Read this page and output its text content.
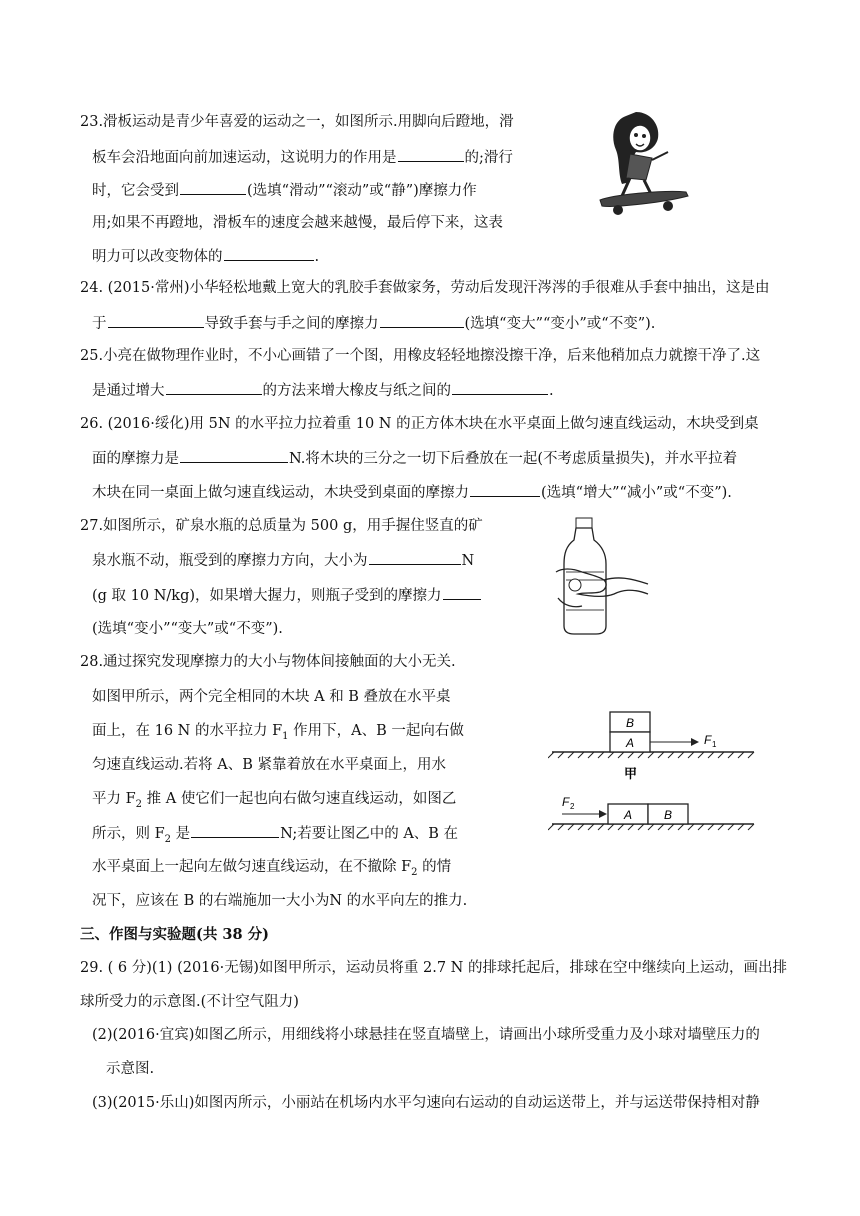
23.滑板运动是青少年喜爱的运动之一，如图所示.用脚向后蹬地，滑
板车会沿地面向前加速运动，这说明力的作用是	的;滑行
时，它会受到	(选填“滑动”“滚动”或“静”)摩擦力作
用;如果不再蹬地，滑板车的速度会越来越慢，最后停下来，这表
明力可以改变物体的	.
24. (2015·常州)小华轻松地戴上宽大的乳胶手套做家务，劳动后发现汗涔涔的手很难从手套中抽出，这是由
于	导致手套与手之间的摩擦力	(选填“变大”“变小”或“不变”).
25.小亮在做物理作业时，不小心画错了一个图，用橡皮轻轻地擦没擦干净，后来他稍加点力就擦干净了.这
是通过增大	的方法来增大橡皮与纸之间的	.
26. (2016·绥化)用 5N 的水平拉力拉着重 10 N 的正方体木块在水平桌面上做匀速直线运动，木块受到桌
面的摩擦力是	N.将木块的三分之一切下后叠放在一起(不考虑质量损失)，并水平拉着
木块在同一桌面上做匀速直线运动，木块受到桌面的摩擦力	(选填“增大”“减小”或“不变”).
27.如图所示，矿泉水瓶的总质量为 500 g，用手握住竖直的矿
泉水瓶不动，瓶受到的摩擦力方向，大小为	N
(g 取 10 N/kg)，如果增大握力，则瓶子受到的摩擦力
(选填“变小”“变大”或“不变”).
28.通过探究发现摩擦力的大小与物体间接触面的大小无关.
如图甲所示，两个完全相同的木块 A 和 B 叠放在水平桌
面上，在 16 N 的水平拉力 $F_1$ 作用下，A、B 一起向右做
匀速直线运动.若将 A、B 紧靠着放在水平桌面上，用水
平力 $F_2$ 推 A 使它们一起也向右做匀速直线运动，如图乙
所示，则 $F_2$ 是	N;若要让图乙中的 A、B 在
水平桌面上一起向左做匀速直线运动，在不撤除 $F_2$ 的情
况下，应该在 B 的右端施加一大小为N 的水平向左的推力.
B
A	F 1
甲
A	B
F 2
三、作图与实验题(共 38 分)
29. ( 6 分)(1) (2016·无锡)如图甲所示，运动员将重 2.7 N 的排球托起后，排球在空中继续向上运动，画出排
球所受力的示意图.(不计空气阻力)
(2)(2016·宜宾)如图乙所示，用细线将小球悬挂在竖直墙壁上，请画出小球所受重力及小球对墙壁压力的
示意图.
(3)(2015·乐山)如图丙所示，小丽站在机场内水平匀速向右运动的自动运送带上，并与运送带保持相对静
